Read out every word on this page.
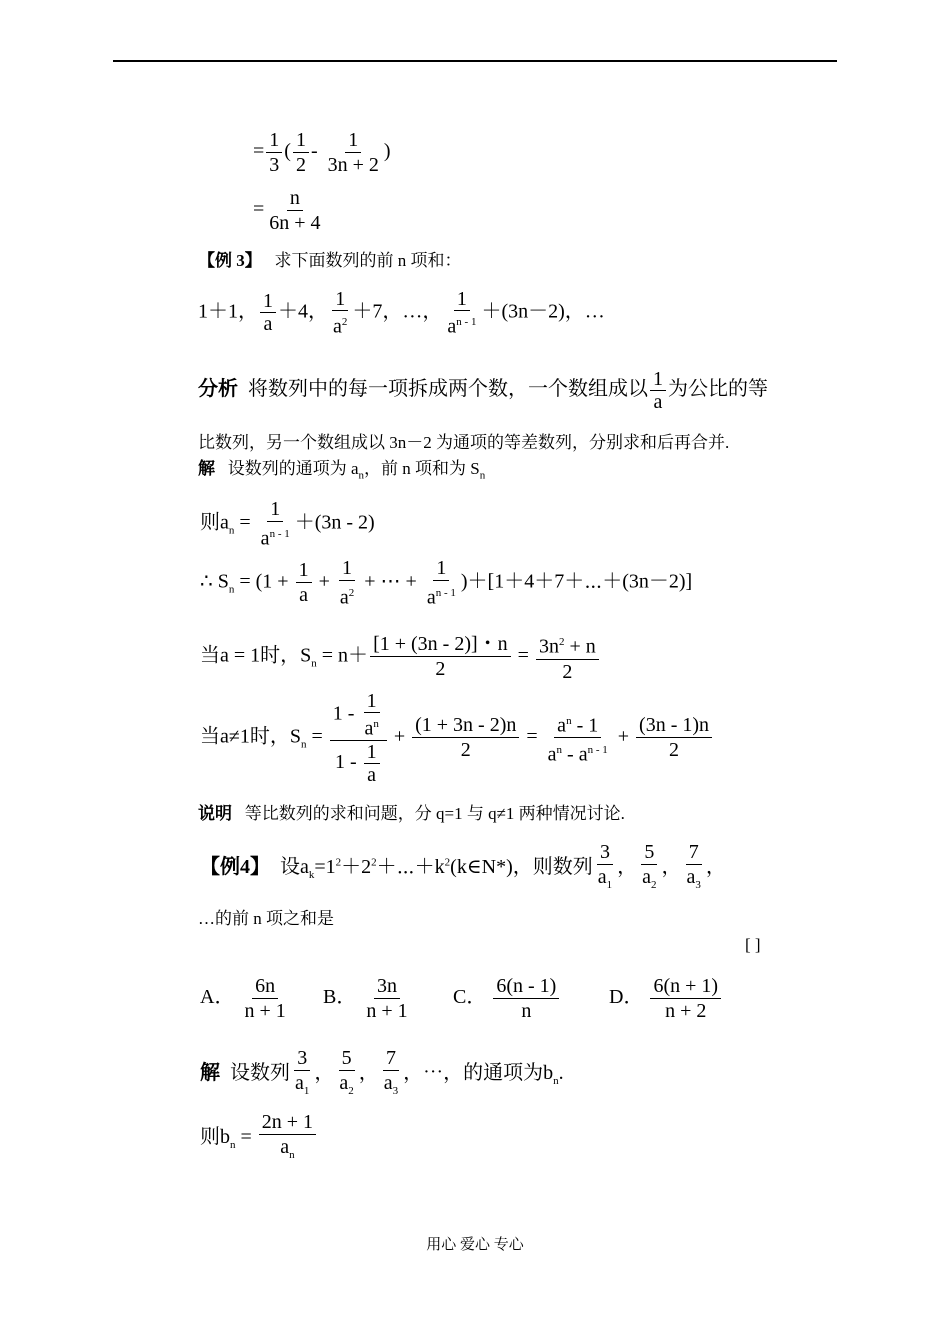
= $\frac{1}{3}$ ( $\frac{1}{2} - \frac{1}{3n + 2}$ )
= $\frac{n}{6n + 4}$
【例 3】 求下面数列的前 n 项和：
1＋1， $\frac{1}{a} +4$， $\frac{1}{a^2} +7$，…， $\frac{1}{a^{n - 1}} +(3n-2)$，…
分析 将数列中的每一项拆成两个数，一个数组成以 $\frac{1}{a}$ 为公比的等
比数列，另一个数组成以 3n－2 为通项的等差数列，分别求和后再合并.
解 设数列的通项为 $a_n$，前 n 项和为 $S_n$
则$a_n = \frac{1}{a^{n - 1}} +(3n - 2)$
∴ $S_n = (1 + \frac{1}{a} + \frac{1}{a^2}$ + ⋯ + $\frac{1}{a^{n - 1}}$ )＋[1＋4＋7＋⋯＋(3n－2)]
当a = 1时，$S_n = n+ \frac{[1 + (3n - 2)]・n}{2} = \frac{3n^2 + n}{2}$
当a≠1时，$S_n = \frac{1 - \frac{1}{a^n}}{1 - \frac{1}{a}} + \frac{(1 + 3n - 2)n}{2} = \frac{a^n - 1}{a^n - a^{n - 1}} + \frac{(3n - 1)n}{2}$
说明 等比数列的求和问题，分 q=1 与 q≠1 两种情况讨论.
【例4】 设$a_k=1^2+2^2+\cdots+k^2(k\in N*)$，则数列 $\frac{3}{a_1}$ ， $\frac{5}{a_2}$ ， $\frac{7}{a_3}$ ，
…的前 n 项之和是
[ ]
A． $\frac{6n}{n + 1}$ B． $\frac{3n}{n + 1}$ C． $\frac{6(n - 1)}{n}$ D． $\frac{6(n + 1)}{n + 2}$
解 设数列 $\frac{3}{a_1}$ ， $\frac{5}{a_2}$ ， $\frac{7}{a_3}$ ，⋯，的通项为$b_n$.
则$b_n = \frac{2n + 1}{a_n}$
用心 爱心 专心
